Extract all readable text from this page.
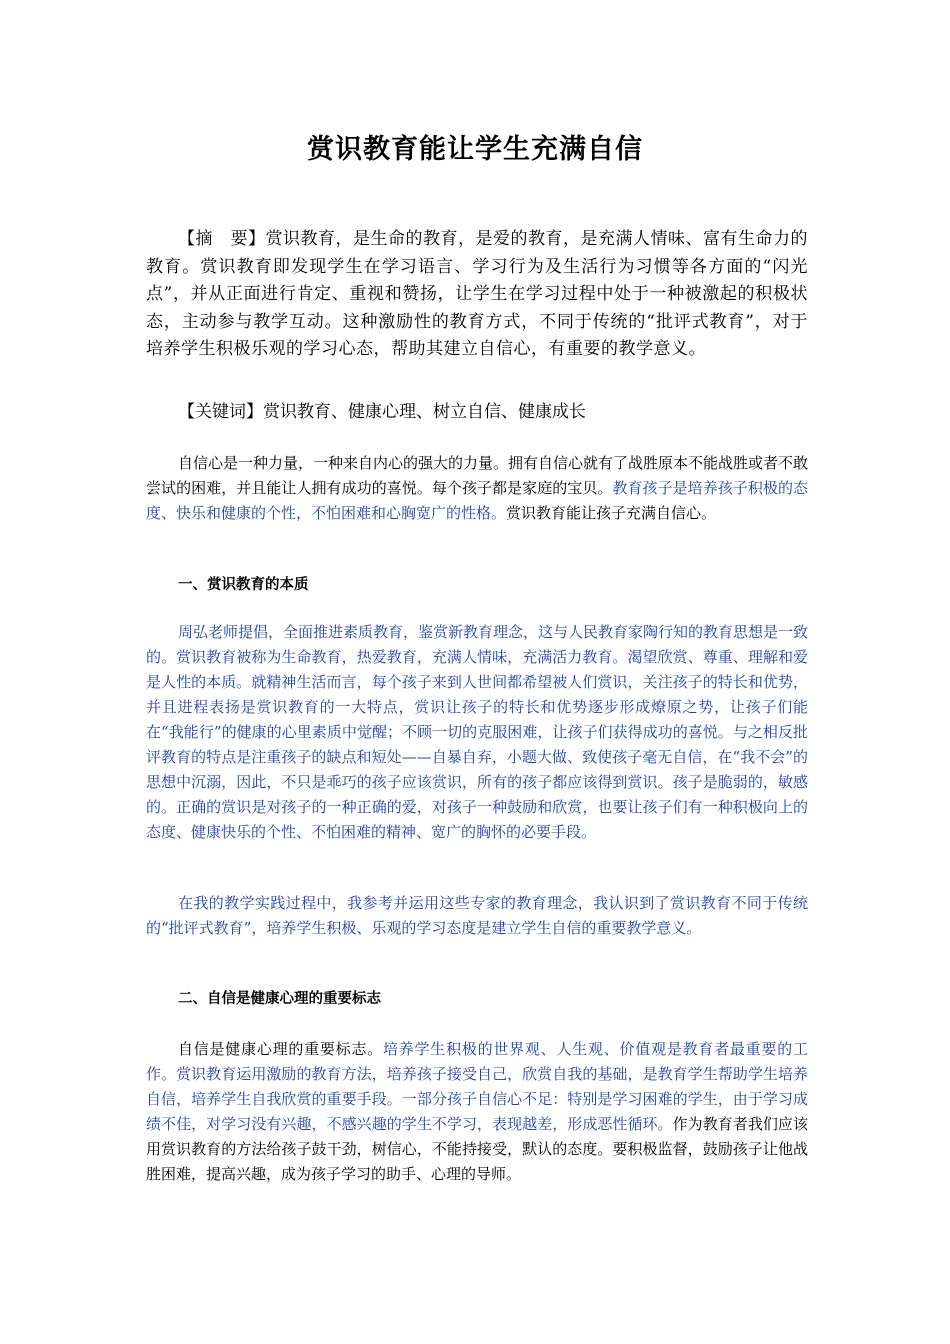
赏识教育能让学生充满自信
【摘　要】赏识教育，是生命的教育，是爱的教育，是充满人情味、富有生命力的教育。赏识教育即发现学生在学习语言、学习行为及生活行为习惯等各方面的“闪光点”，并从正面进行肯定、重视和赞扬，让学生在学习过程中处于一种被激起的积极状态，主动参与教学互动。这种激励性的教育方式，不同于传统的“批评式教育”，对于培养学生积极乐观的学习心态，帮助其建立自信心，有重要的教学意义。
【关键词】赏识教育、健康心理、树立自信、健康成长
自信心是一种力量，一种来自内心的强大的力量。拥有自信心就有了战胜原本不能战胜或者不敢尝试的困难，并且能让人拥有成功的喜悦。每个孩子都是家庭的宝贝。教育孩子是培养孩子积极的态度、快乐和健康的个性，不怕困难和心胸宽广的性格。赏识教育能让孩子充满自信心。
一、赏识教育的本质
周弘老师提倡，全面推进素质教育，鉴赏新教育理念，这与人民教育家陶行知的教育思想是一致的。赏识教育被称为生命教育，热爱教育，充满人情味，充满活力教育。渴望欣赏、尊重、理解和爱是人性的本质。就精神生活而言，每个孩子来到人世间都希望被人们赏识，关注孩子的特长和优势，并且进程表扬是赏识教育的一大特点，赏识让孩子的特长和优势逐步形成燎原之势，让孩子们能在“我能行”的健康的心里素质中觉醒；不顾一切的克服困难，让孩子们获得成功的喜悦。与之相反批评教育的特点是注重孩子的缺点和短处——自暴自弃，小题大做、致使孩子毫无自信，在“我不会”的思想中沉溺，因此，不只是乖巧的孩子应该赏识，所有的孩子都应该得到赏识。孩子是脆弱的，敏感的。正确的赏识是对孩子的一种正确的爱，对孩子一种鼓励和欣赏，也要让孩子们有一种积极向上的态度、健康快乐的个性、不怕困难的精神、宽广的胸怀的必要手段。
在我的教学实践过程中，我参考并运用这些专家的教育理念，我认识到了赏识教育不同于传统的“批评式教育”，培养学生积极、乐观的学习态度是建立学生自信的重要教学意义。
二、自信是健康心理的重要标志
自信是健康心理的重要标志。培养学生积极的世界观、人生观、价值观是教育者最重要的工作。赏识教育运用激励的教育方法，培养孩子接受自己，欣赏自我的基础，是教育学生帮助学生培养自信，培养学生自我欣赏的重要手段。一部分孩子自信心不足：特别是学习困难的学生，由于学习成绩不佳，对学习没有兴趣，不感兴趣的学生不学习，表现越差，形成恶性循环。作为教育者我们应该用赏识教育的方法给孩子鼓干劲，树信心，不能持接受，默认的态度。要积极监督，鼓励孩子让他战胜困难，提高兴趣，成为孩子学习的助手、心理的导师。
